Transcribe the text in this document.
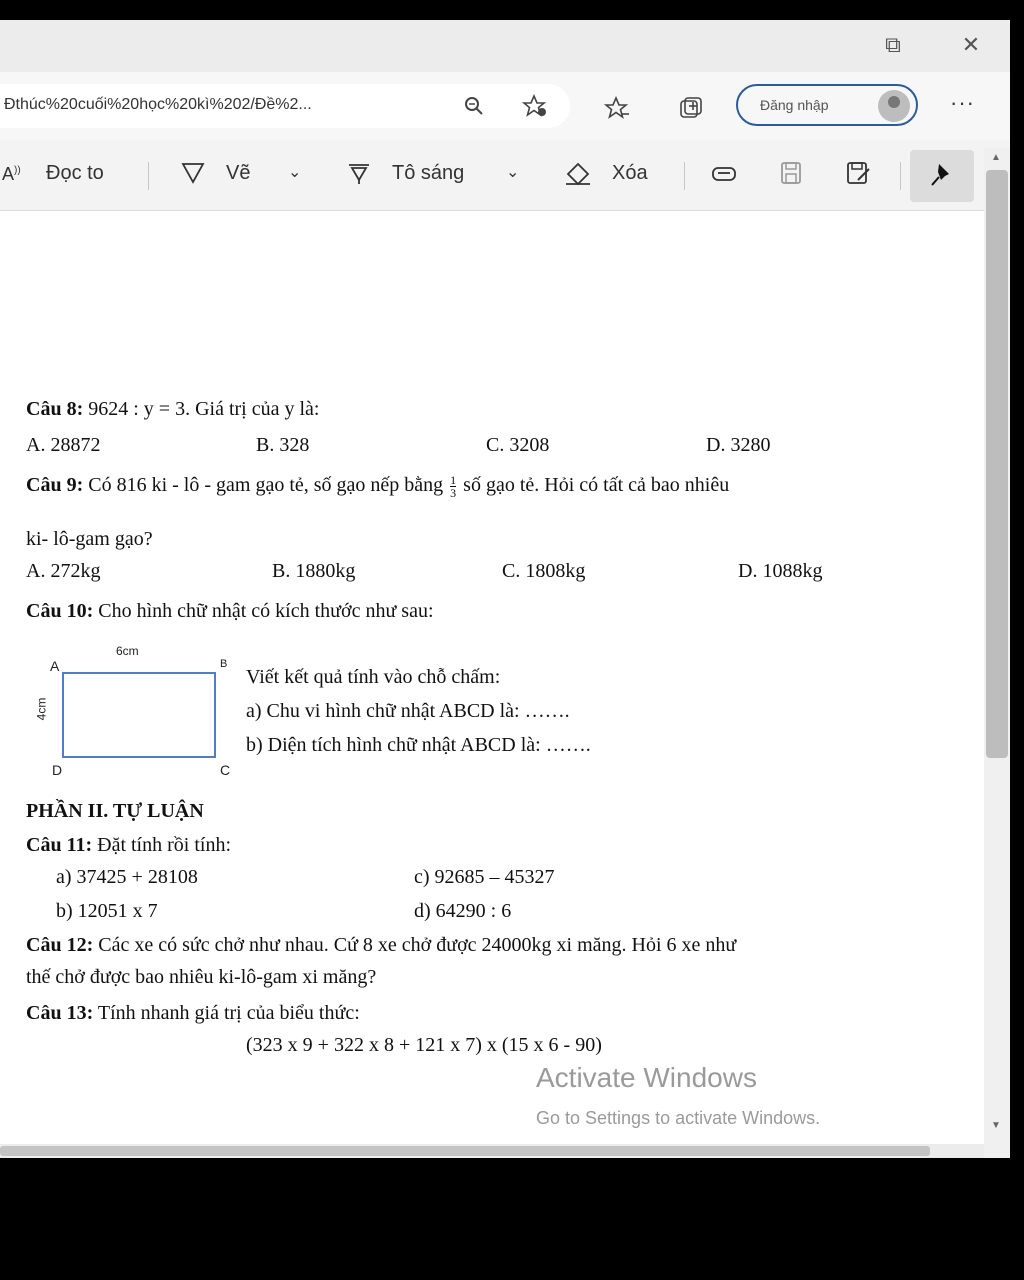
⧉	✕
Ðthúc%20cuối%20học%20kì%202/Đề%2...	Đăng nhập	···
A)) Đọc to	Vẽ ⌄	Tô sáng	⌄	Xóa
Câu 8: 9624 : y = 3. Giá trị của y là:
A. 28872	B. 328	C. 3208	D. 3280
Câu 9: Có 816 ki - lô - gam gạo tẻ, số gạo nếp bằng $\frac{1}{3}$ số gạo tẻ. Hỏi có tất cả bao nhiêu
ki- lô-gam gạo?
A. 272kg	B. 1880kg	C. 1808kg	D. 1088kg
Câu 10: Cho hình chữ nhật có kích thước như sau:
A	B
D	C
6cm
4cm
Viết kết quả tính vào chỗ chấm:
a) Chu vi hình chữ nhật ABCD là: …….
b) Diện tích hình chữ nhật ABCD là: …….
PHẦN II. TỰ LUẬN
Câu 11: Đặt tính rồi tính:
a) 37425 + 28108	c) 92685 – 45327
b) 12051 x 7	d) 64290 : 6
Câu 12: Các xe có sức chở như nhau. Cứ 8 xe chở được 24000kg xi măng. Hỏi 6 xe như
thế chở được bao nhiêu ki-lô-gam xi măng?
Câu 13: Tính nhanh giá trị của biểu thức:
(323 x 9 + 322 x 8 + 121 x 7) x (15 x 6 - 90)
Activate Windows
Go to Settings to activate Windows.
▲
▼
